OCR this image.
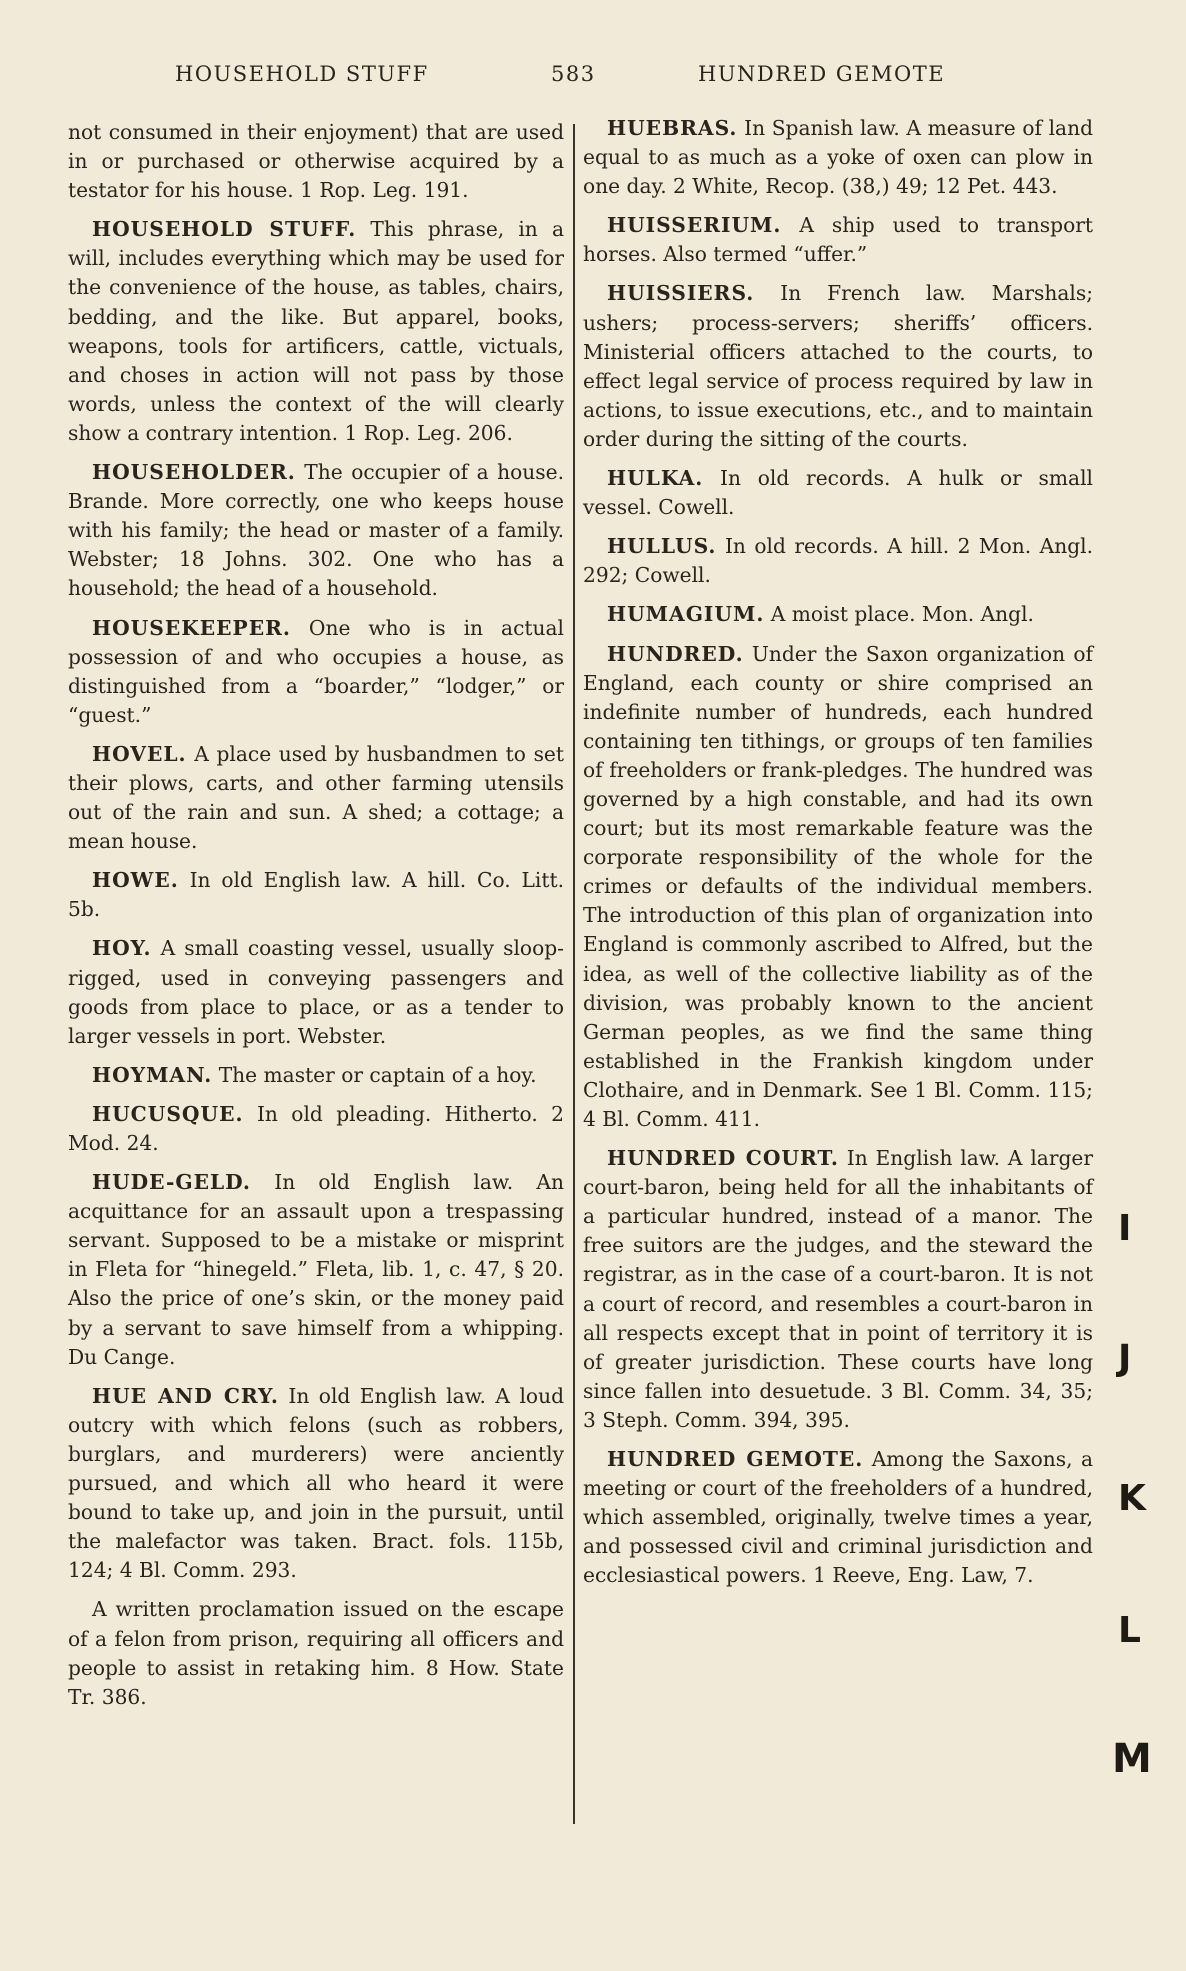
HOUSEHOLD STUFF	583	HUNDRED GEMOTE

not consumed in their enjoyment) that are used in or purchased or otherwise acquired by a testator for his house. 1 Rop. Leg. 191.

HOUSEHOLD STUFF. This phrase, in a will, includes everything which may be used for the convenience of the house, as tables, chairs, bedding, and the like. But apparel, books, weapons, tools for artificers, cattle, victuals, and choses in action will not pass by those words, unless the context of the will clearly show a contrary intention. 1 Rop. Leg. 206.

HOUSEHOLDER. The occupier of a house. Brande. More correctly, one who keeps house with his family; the head or master of a family. Webster; 18 Johns. 302. One who has a household; the head of a household.

HOUSEKEEPER. One who is in actual possession of and who occupies a house, as distinguished from a “boarder,” “lodger,” or “guest.”

HOVEL. A place used by husbandmen to set their plows, carts, and other farming utensils out of the rain and sun. A shed; a cottage; a mean house.

HOWE. In old English law. A hill. Co. Litt. 5b.

HOY. A small coasting vessel, usually sloop-rigged, used in conveying passengers and goods from place to place, or as a tender to larger vessels in port. Webster.

HOYMAN. The master or captain of a hoy.

HUCUSQUE. In old pleading. Hitherto. 2 Mod. 24.

HUDE-GELD. In old English law. An acquittance for an assault upon a trespassing servant. Supposed to be a mistake or misprint in Fleta for “hinegeld.” Fleta, lib. 1, c. 47, § 20. Also the price of one’s skin, or the money paid by a servant to save himself from a whipping. Du Cange.

HUE AND CRY. In old English law. A loud outcry with which felons (such as robbers, burglars, and murderers) were anciently pursued, and which all who heard it were bound to take up, and join in the pursuit, until the malefactor was taken. Bract. fols. 115b, 124; 4 Bl. Comm. 293.

A written proclamation issued on the escape of a felon from prison, requiring all officers and people to assist in retaking him. 8 How. State Tr. 386.

HUEBRAS. In Spanish law. A measure of land equal to as much as a yoke of oxen can plow in one day. 2 White, Recop. (38,) 49; 12 Pet. 443.

HUISSERIUM. A ship used to transport horses. Also termed “uffer.”

HUISSIERS. In French law. Marshals; ushers; process-servers; sheriffs’ officers. Ministerial officers attached to the courts, to effect legal service of process required by law in actions, to issue executions, etc., and to maintain order during the sitting of the courts.

HULKA. In old records. A hulk or small vessel. Cowell.

HULLUS. In old records. A hill. 2 Mon. Angl. 292; Cowell.

HUMAGIUM. A moist place. Mon. Angl.

HUNDRED. Under the Saxon organization of England, each county or shire comprised an indefinite number of hundreds, each hundred containing ten tithings, or groups of ten families of freeholders or frank-pledges. The hundred was governed by a high constable, and had its own court; but its most remarkable feature was the corporate responsibility of the whole for the crimes or defaults of the individual members. The introduction of this plan of organization into England is commonly ascribed to Alfred, but the idea, as well of the collective liability as of the division, was probably known to the ancient German peoples, as we find the same thing established in the Frankish kingdom under Clothaire, and in Denmark. See 1 Bl. Comm. 115; 4 Bl. Comm. 411.

HUNDRED COURT. In English law. A larger court-baron, being held for all the inhabitants of a particular hundred, instead of a manor. The free suitors are the judges, and the steward the registrar, as in the case of a court-baron. It is not a court of record, and resembles a court-baron in all respects except that in point of territory it is of greater jurisdiction. These courts have long since fallen into desuetude. 3 Bl. Comm. 34, 35; 3 Steph. Comm. 394, 395.

HUNDRED GEMOTE. Among the Saxons, a meeting or court of the freeholders of a hundred, which assembled, originally, twelve times a year, and possessed civil and criminal jurisdiction and ecclesiastical powers. 1 Reeve, Eng. Law, 7.

I
J
K
L
M
